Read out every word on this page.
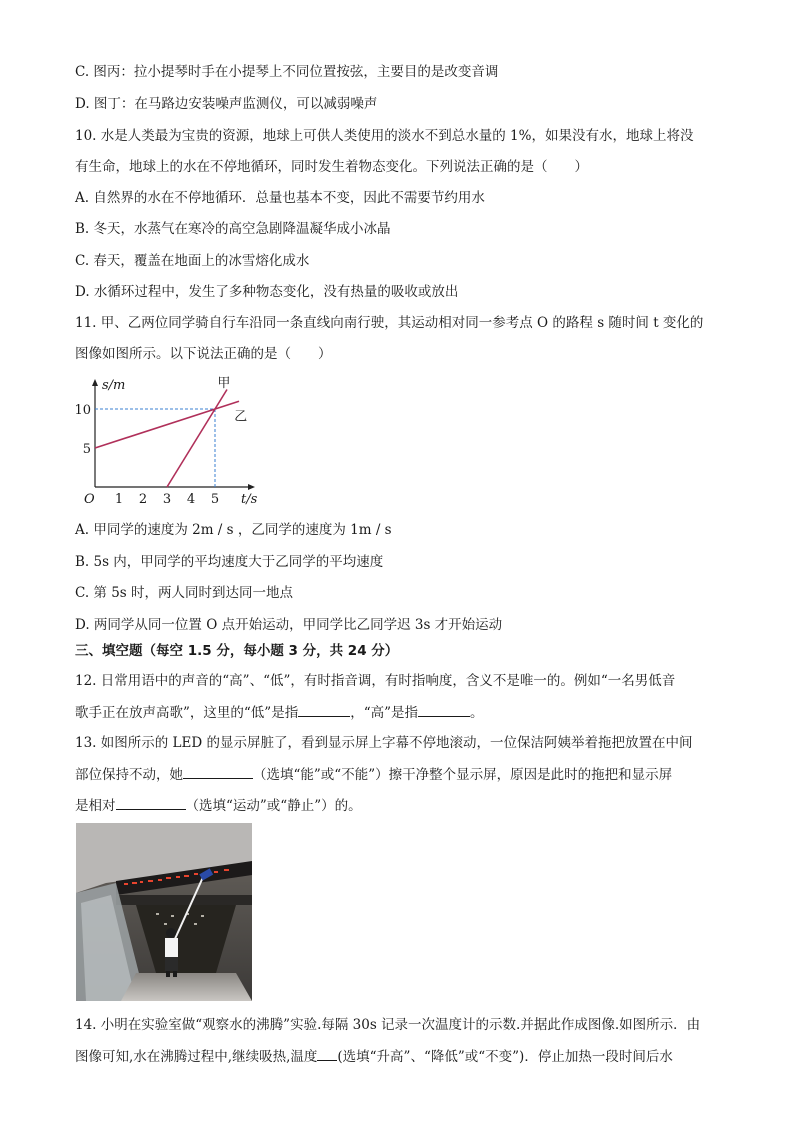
C. 图丙：拉小提琴时手在小提琴上不同位置按弦，主要目的是改变音调
D. 图丁：在马路边安装噪声监测仪，可以减弱噪声
10. 水是人类最为宝贵的资源，地球上可供人类使用的淡水不到总水量的 1%，如果没有水，地球上将没
有生命，地球上的水在不停地循环，同时发生着物态变化。下列说法正确的是（　　）
A. 自然界的水在不停地循环．总量也基本不变，因此不需要节约用水
B. 冬天，水蒸气在寒冷的高空急剧降温凝华成小冰晶
C. 春天，覆盖在地面上的冰雪熔化成水
D. 水循环过程中，发生了多种物态变化，没有热量的吸收或放出
11. 甲、乙两位同学骑自行车沿同一条直线向南行驶，其运动相对同一参考点 O 的路程 s 随时间 t 变化的
图像如图所示。以下说法正确的是（　　）
s/m
t/s
O 1 2 3 4 5
5
10
甲
乙
A. 甲同学的速度为 2m / s ，乙同学的速度为 1m / s
B. 5s 内，甲同学的平均速度大于乙同学的平均速度
C. 第 5s 时，两人同时到达同一地点
D. 两同学从同一位置 O 点开始运动，甲同学比乙同学迟 3s 才开始运动
三、填空题（每空 1.5 分，每小题 3 分，共 24 分）
12. 日常用语中的声音的“高”、“低”，有时指音调，有时指响度，含义不是唯一的。例如“一名男低音
歌手正在放声高歌”，这里的“低”是指	，“高”是指	。
13. 如图所示的 LED 的显示屏脏了，看到显示屏上字幕不停地滚动，一位保洁阿姨举着拖把放置在中间
部位保持不动，她	（选填“能”或“不能”）擦干净整个显示屏，原因是此时的拖把和显示屏
是相对	（选填“运动”或“静止”）的。
14. 小明在实验室做“观察水的沸腾”实验.每隔 30s 记录一次温度计的示数.并据此作成图像.如图所示．由
图像可知,水在沸腾过程中,继续吸热,温度 (选填“升高”、“降低”或“不变”)．停止加热一段时间后水
